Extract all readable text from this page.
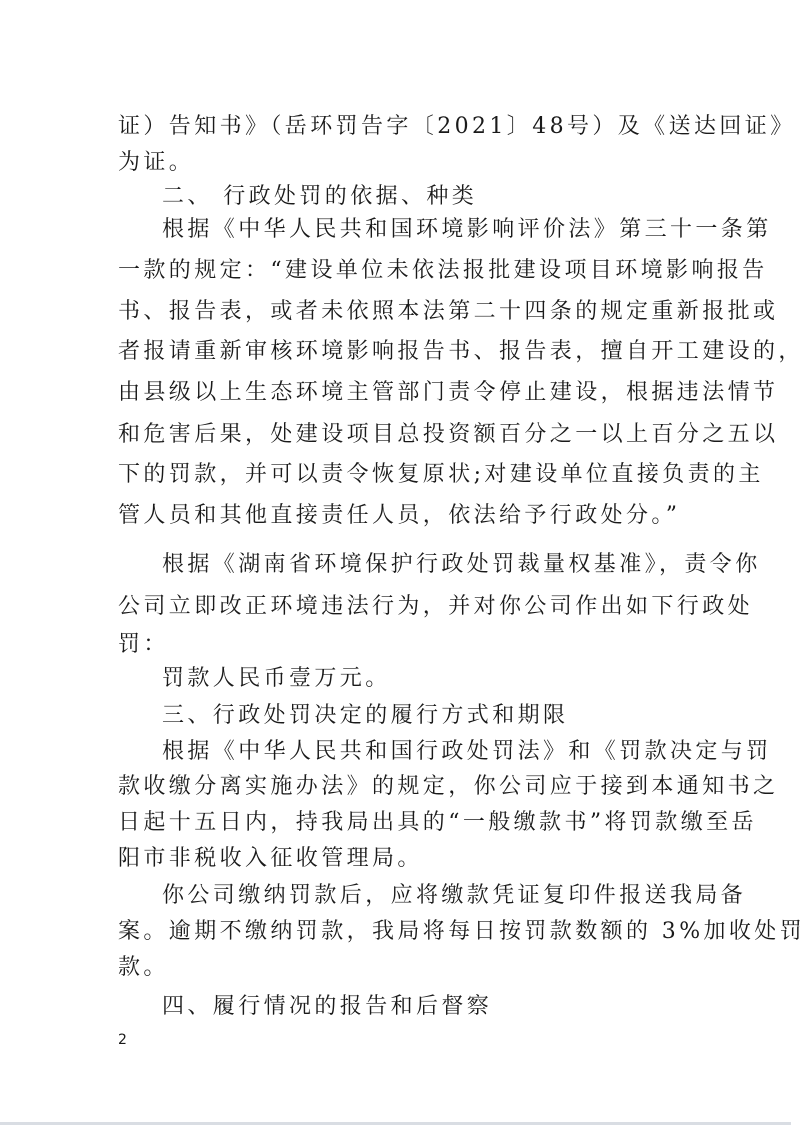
证）告知书》（岳环罚告字〔2021〕48号）及《送达回证》
为证。
二、 行政处罚的依据、种类
根据《中华人民共和国环境影响评价法》第三十一条第
一款的规定：“建设单位未依法报批建设项目环境影响报告
书、报告表，或者未依照本法第二十四条的规定重新报批或
者报请重新审核环境影响报告书、报告表，擅自开工建设的，
由县级以上生态环境主管部门责令停止建设，根据违法情节
和危害后果，处建设项目总投资额百分之一以上百分之五以
下的罚款，并可以责令恢复原状;对建设单位直接负责的主
管人员和其他直接责任人员，依法给予行政处分。”
根据《湖南省环境保护行政处罚裁量权基准》，责令你
公司立即改正环境违法行为，并对你公司作出如下行政处
罚：
罚款人民币壹万元。
三、行政处罚决定的履行方式和期限
根据《中华人民共和国行政处罚法》和《罚款决定与罚
款收缴分离实施办法》的规定，你公司应于接到本通知书之
日起十五日内，持我局出具的“一般缴款书”将罚款缴至岳
阳市非税收入征收管理局。
你公司缴纳罚款后，应将缴款凭证复印件报送我局备
案。逾期不缴纳罚款，我局将每日按罚款数额的 3%加收处罚
款。
四、履行情况的报告和后督察
2
